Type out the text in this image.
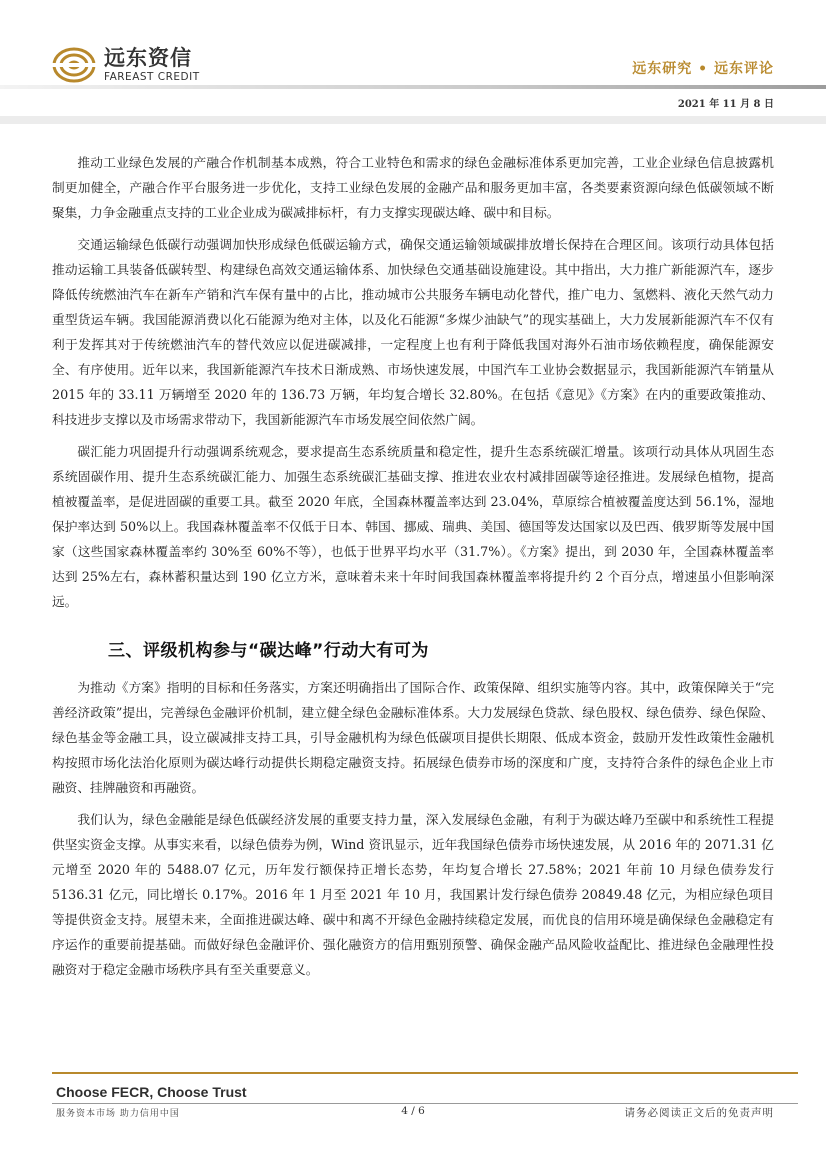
远东资信
FAREAST CREDIT	远东研究 • 远东评论
2021 年 11 月 8 日

推动工业绿色发展的产融合作机制基本成熟，符合工业特色和需求的绿色金融标准体系更加完善，工业企业绿色信息披露机制更加健全，产融合作平台服务进一步优化，支持工业绿色发展的金融产品和服务更加丰富，各类要素资源向绿色低碳领域不断聚集，力争金融重点支持的工业企业成为碳减排标杆，有力支撑实现碳达峰、碳中和目标。

交通运输绿色低碳行动强调加快形成绿色低碳运输方式，确保交通运输领域碳排放增长保持在合理区间。该项行动具体包括推动运输工具装备低碳转型、构建绿色高效交通运输体系、加快绿色交通基础设施建设。其中指出，大力推广新能源汽车，逐步降低传统燃油汽车在新车产销和汽车保有量中的占比，推动城市公共服务车辆电动化替代，推广电力、氢燃料、液化天然气动力重型货运车辆。我国能源消费以化石能源为绝对主体，以及化石能源“多煤少油缺气”的现实基础上，大力发展新能源汽车不仅有利于发挥其对于传统燃油汽车的替代效应以促进碳减排，一定程度上也有利于降低我国对海外石油市场依赖程度，确保能源安全、有序使用。近年以来，我国新能源汽车技术日渐成熟、市场快速发展，中国汽车工业协会数据显示，我国新能源汽车销量从 2015 年的 33.11 万辆增至 2020 年的 136.73 万辆，年均复合增长 32.80%。在包括《意见》《方案》在内的重要政策推动、科技进步支撑以及市场需求带动下，我国新能源汽车市场发展空间依然广阔。

碳汇能力巩固提升行动强调系统观念，要求提高生态系统质量和稳定性，提升生态系统碳汇增量。该项行动具体从巩固生态系统固碳作用、提升生态系统碳汇能力、加强生态系统碳汇基础支撑、推进农业农村减排固碳等途径推进。发展绿色植物，提高植被覆盖率，是促进固碳的重要工具。截至 2020 年底，全国森林覆盖率达到 23.04%，草原综合植被覆盖度达到 56.1%，湿地保护率达到 50%以上。我国森林覆盖率不仅低于日本、韩国、挪威、瑞典、美国、德国等发达国家以及巴西、俄罗斯等发展中国家（这些国家森林覆盖率约 30%至 60%不等），也低于世界平均水平（31.7%）。《方案》提出，到 2030 年，全国森林覆盖率达到 25%左右，森林蓄积量达到 190 亿立方米，意味着未来十年时间我国森林覆盖率将提升约 2 个百分点，增速虽小但影响深远。

三、评级机构参与“碳达峰”行动大有可为

为推动《方案》指明的目标和任务落实，方案还明确指出了国际合作、政策保障、组织实施等内容。其中，政策保障关于“完善经济政策”提出，完善绿色金融评价机制，建立健全绿色金融标准体系。大力发展绿色贷款、绿色股权、绿色债券、绿色保险、绿色基金等金融工具，设立碳减排支持工具，引导金融机构为绿色低碳项目提供长期限、低成本资金，鼓励开发性政策性金融机构按照市场化法治化原则为碳达峰行动提供长期稳定融资支持。拓展绿色债券市场的深度和广度，支持符合条件的绿色企业上市融资、挂牌融资和再融资。

我们认为，绿色金融能是绿色低碳经济发展的重要支持力量，深入发展绿色金融，有利于为碳达峰乃至碳中和系统性工程提供坚实资金支撑。从事实来看，以绿色债券为例，Wind 资讯显示，近年我国绿色债券市场快速发展，从 2016 年的 2071.31 亿元增至 2020 年的 5488.07 亿元，历年发行额保持正增长态势，年均复合增长 27.58%；2021 年前 10 月绿色债券发行 5136.31 亿元，同比增长 0.17%。2016 年 1 月至 2021 年 10 月，我国累计发行绿色债券 20849.48 亿元，为相应绿色项目等提供资金支持。展望未来，全面推进碳达峰、碳中和离不开绿色金融持续稳定发展，而优良的信用环境是确保绿色金融稳定有序运作的重要前提基础。而做好绿色金融评价、强化融资方的信用甄别预警、确保金融产品风险收益配比、推进绿色金融理性投融资对于稳定金融市场秩序具有至关重要意义。

Choose FECR, Choose Trust
服务资本市场 助力信用中国	4 / 6	请务必阅读正文后的免责声明
